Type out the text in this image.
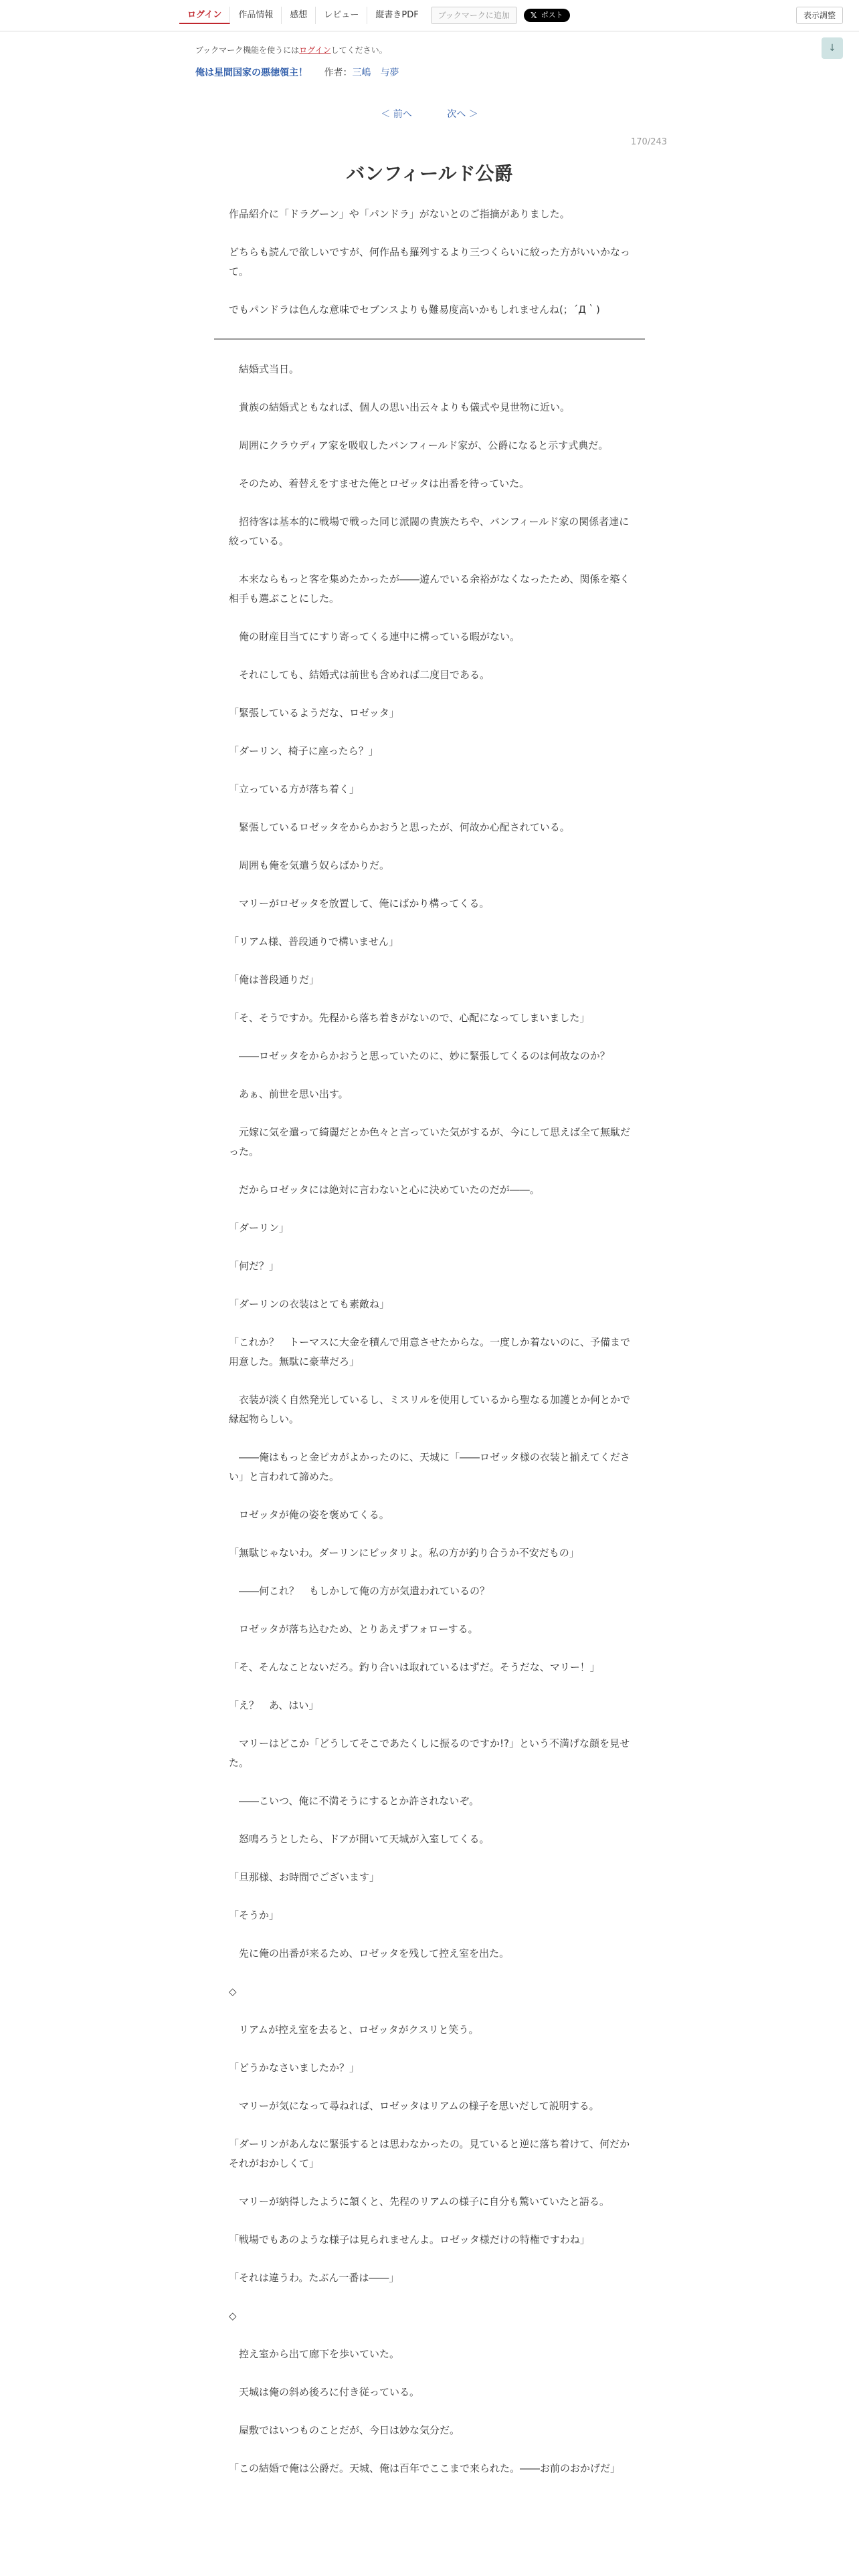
ログイン	作品情報	感想	レビュー	縦書きPDF	ブックマークに追加	𝕏 ポスト	表示調整
↓
ブックマーク機能を使うにはログインしてください。
俺は星間国家の悪徳領主！ 作者：三嶋　与夢
＜ 前へ	次へ ＞
170/243
バンフィールド公爵

作品紹介に「ドラグーン」や「パンドラ」がないとのご指摘がありました。

どちらも読んで欲しいですが、何作品も羅列するより三つくらいに絞った方がいいかなって。

でもパンドラは色んな意味でセブンスよりも難易度高いかもしれませんね(；´Д｀)

　結婚式当日。

　貴族の結婚式ともなれば、個人の思い出云々よりも儀式や見世物に近い。

　周囲にクラウディア家を吸収したバンフィールド家が、公爵になると示す式典だ。

　そのため、着替えをすませた俺とロゼッタは出番を待っていた。

　招待客は基本的に戦場で戦った同じ派閥の貴族たちや、バンフィールド家の関係者達に絞っている。

　本来ならもっと客を集めたかったが――遊んでいる余裕がなくなったため、関係を築く相手も選ぶことにした。

　俺の財産目当てにすり寄ってくる連中に構っている暇がない。

　それにしても、結婚式は前世も含めれば二度目である。

「緊張しているようだな、ロゼッタ」

「ダーリン、椅子に座ったら？」

「立っている方が落ち着く」

　緊張しているロゼッタをからかおうと思ったが、何故か心配されている。

　周囲も俺を気遣う奴らばかりだ。

　マリーがロゼッタを放置して、俺にばかり構ってくる。

「リアム様、普段通りで構いません」

「俺は普段通りだ」

「そ、そうですか。先程から落ち着きがないので、心配になってしまいました」

　――ロゼッタをからかおうと思っていたのに、妙に緊張してくるのは何故なのか？

　あぁ、前世を思い出す。

　元嫁に気を遣って綺麗だとか色々と言っていた気がするが、今にして思えば全て無駄だった。

　だからロゼッタには絶対に言わないと心に決めていたのだが――。

「ダーリン」

「何だ？」

「ダーリンの衣装はとても素敵ね」

「これか？　トーマスに大金を積んで用意させたからな。一度しか着ないのに、予備まで用意した。無駄に豪華だろ」

　衣装が淡く自然発光しているし、ミスリルを使用しているから聖なる加護とか何とかで縁起物らしい。

　――俺はもっと金ピカがよかったのに、天城に「――ロゼッタ様の衣装と揃えてください」と言われて諦めた。

　ロゼッタが俺の姿を褒めてくる。

「無駄じゃないわ。ダーリンにピッタリよ。私の方が釣り合うか不安だもの」

　――何これ？　もしかして俺の方が気遣われているの？

　ロゼッタが落ち込むため、とりあえずフォローする。

「そ、そんなことないだろ。釣り合いは取れているはずだ。そうだな、マリー！」

「え？　あ、はい」

　マリーはどこか「どうしてそこであたくしに振るのですか!?」という不満げな顔を見せた。

　――こいつ、俺に不満そうにするとか許されないぞ。

　怒鳴ろうとしたら、ドアが開いて天城が入室してくる。

「旦那様、お時間でございます」

「そうか」

　先に俺の出番が来るため、ロゼッタを残して控え室を出た。

◇

　リアムが控え室を去ると、ロゼッタがクスリと笑う。

「どうかなさいましたか？」

　マリーが気になって尋ねれば、ロゼッタはリアムの様子を思いだして説明する。

「ダーリンがあんなに緊張するとは思わなかったの。見ていると逆に落ち着けて、何だかそれがおかしくて」

　マリーが納得したように頷くと、先程のリアムの様子に自分も驚いていたと語る。

「戦場でもあのような様子は見られませんよ。ロゼッタ様だけの特権ですわね」

「それは違うわ。たぶん一番は――」

◇

　控え室から出て廊下を歩いていた。

　天城は俺の斜め後ろに付き従っている。

　屋敷ではいつものことだが、今日は妙な気分だ。

「この結婚で俺は公爵だ。天城、俺は百年でここまで来られた。――お前のおかげだ」
